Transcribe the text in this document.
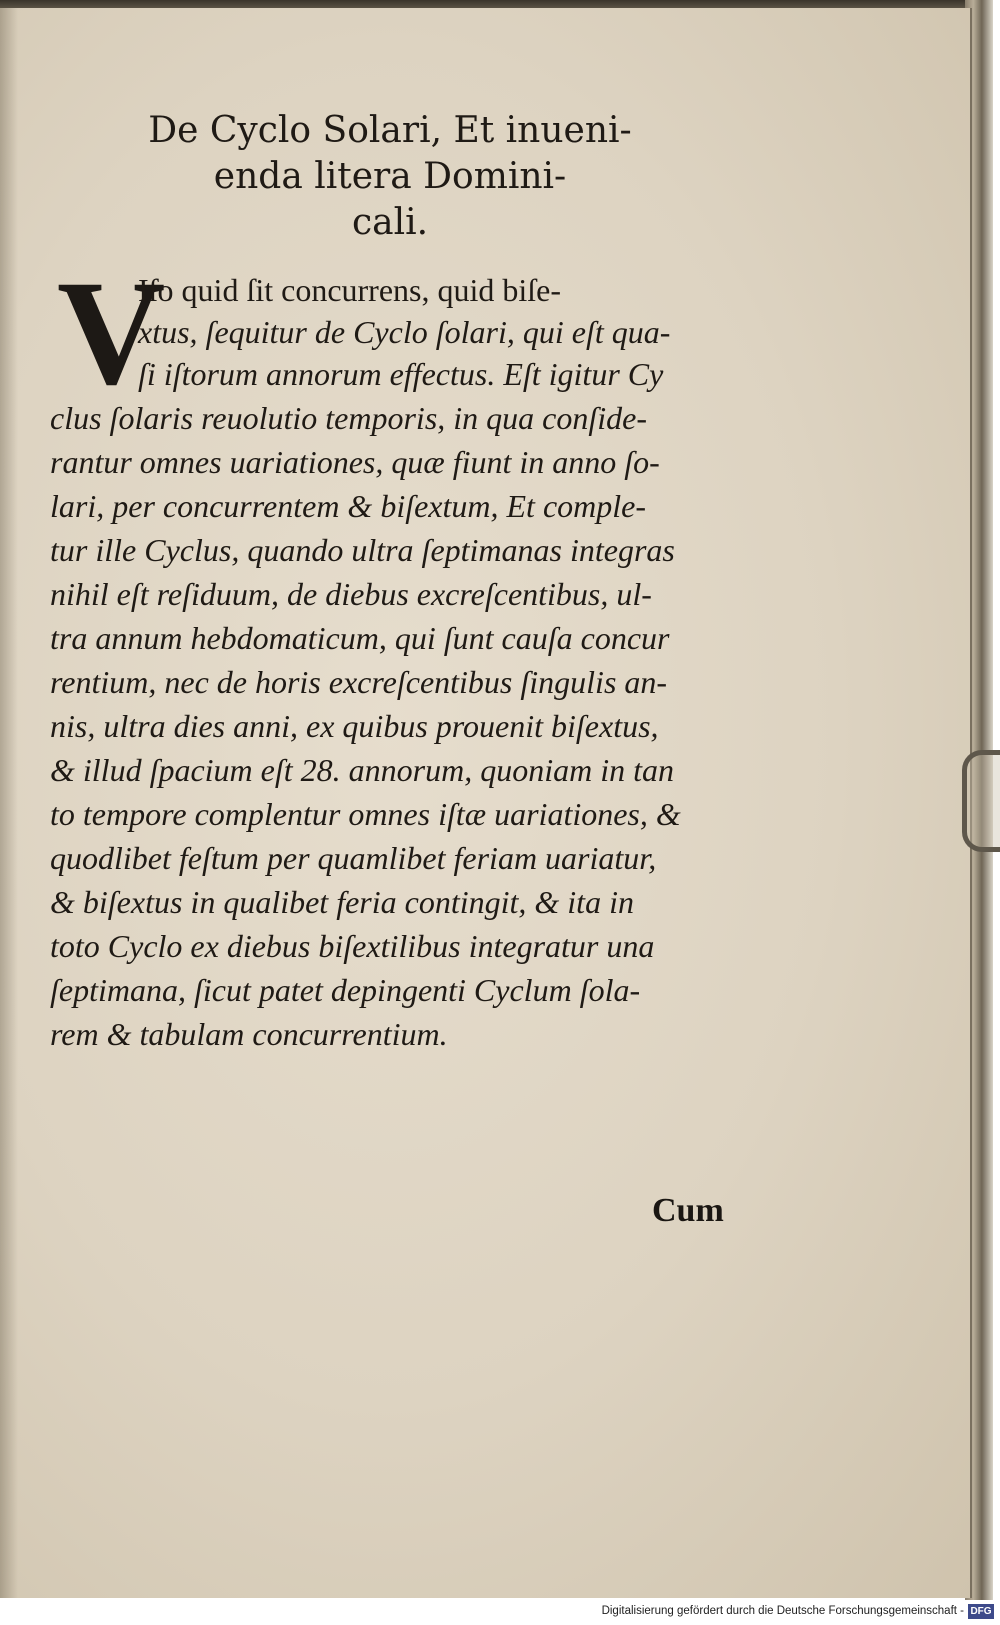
De Cyclo Solari, Et inueni-
enda litera Domini-
cali.
V
Iſo quid ſit concurrens, quid biſe-
xtus, ſequitur de Cyclo ſolari, qui eſt qua-
ſi iſtorum annorum effectus. Eſt igitur Cy
clus ſolaris reuolutio temporis, in qua conſide-
rantur omnes uariationes, quæ fiunt in anno ſo-
lari, per concurrentem & biſextum, Et comple-
tur ille Cyclus, quando ultra ſeptimanas integras
nihil eſt reſiduum, de diebus excreſcentibus, ul-
tra annum hebdomaticum, qui ſunt cauſa concur
rentium, nec de horis excreſcentibus ſingulis an-
nis, ultra dies anni, ex quibus prouenit biſextus,
& illud ſpacium eſt 28. annorum, quoniam in tan
to tempore complentur omnes iſtæ uariationes, &
quodlibet feſtum per quamlibet feriam uariatur,
& biſextus in qualibet feria contingit, & ita in
toto Cyclo ex diebus biſextilibus integratur una
ſeptimana, ſicut patet depingenti Cyclum ſola-
rem & tabulam concurrentium.
Cum
Digitalisierung gefördert durch die Deutsche Forschungsgemeinschaft - DFG
